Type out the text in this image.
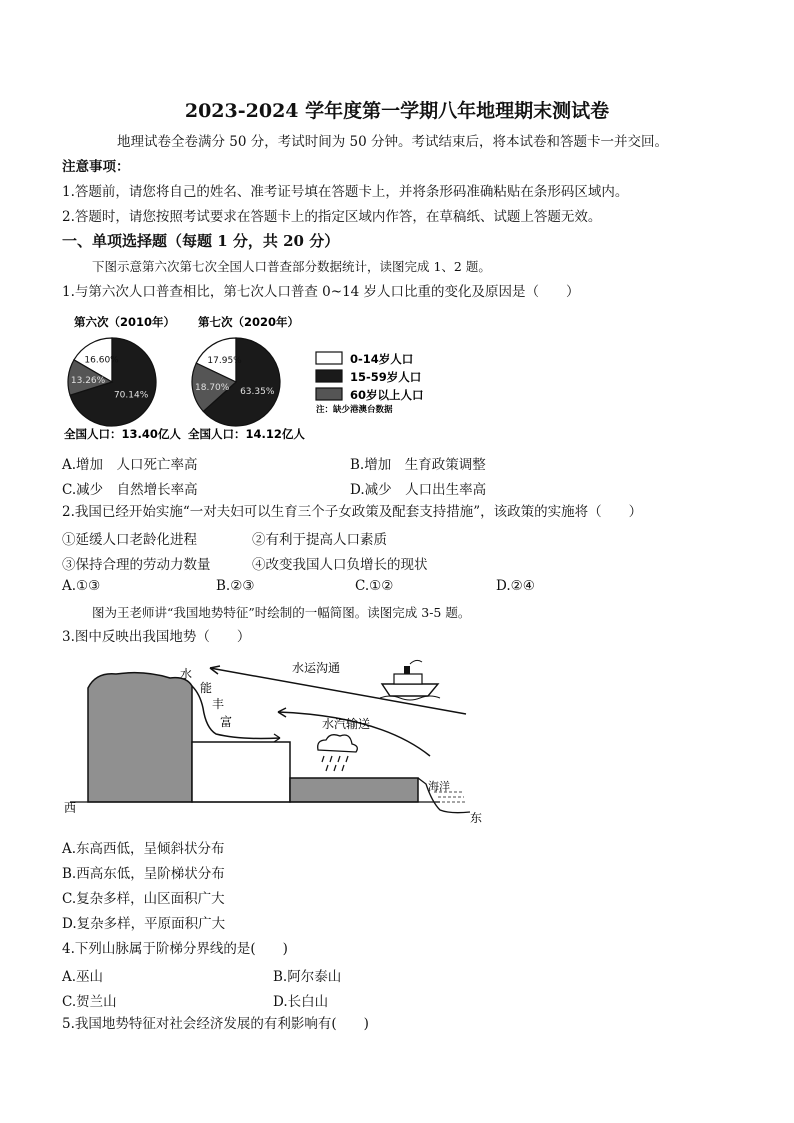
2023-2024 学年度第一学期八年地理期末测试卷
地理试卷全卷满分 50 分，考试时间为 50 分钟。考试结束后，将本试卷和答题卡一并交回。
注意事项：
1.答题前，请您将自己的姓名、准考证号填在答题卡上，并将条形码准确粘贴在条形码区域内。
2.答题时，请您按照考试要求在答题卡上的指定区域内作答，在草稿纸、试题上答题无效。
一、单项选择题（每题 1 分，共 20 分）
下图示意第六次第七次全国人口普查部分数据统计，读图完成 1、2 题。
1.与第六次人口普查相比，第七次人口普查 0~14 岁人口比重的变化及原因是（　　）
第六次（2010年）
16.60%
70.14%
13.26%
全国人口：13.40亿人
第七次（2020年）
17.95%
63.35%
18.70%
全国人口：14.12亿人
0-14岁人口
15-59岁人口
60岁以上人口
注：缺少港澳台数据
A.增加　人口死亡率高	B.增加　生育政策调整
C.减少　自然增长率高	D.减少　人口出生率高
2.我国已经开始实施“一对夫妇可以生育三个子女政策及配套支持措施”，该政策的实施将（　　）
①延缓人口老龄化进程	②有利于提高人口素质
③保持合理的劳动力数量	④改变我国人口负增长的现状
A.①③	B.②③	C.①②	D.②④
图为王老师讲“我国地势特征”时绘制的一幅简图。读图完成 3-5 题。
3.图中反映出我国地势（　　）
水
能
丰
富
水运沟通
水汽输送
海洋
西
东
A.东高西低，呈倾斜状分布
B.西高东低，呈阶梯状分布
C.复杂多样，山区面积广大
D.复杂多样，平原面积广大
4.下列山脉属于阶梯分界线的是(　　)
A.巫山	B.阿尔泰山
C.贺兰山	D.长白山
5.我国地势特征对社会经济发展的有利影响有(　　)
